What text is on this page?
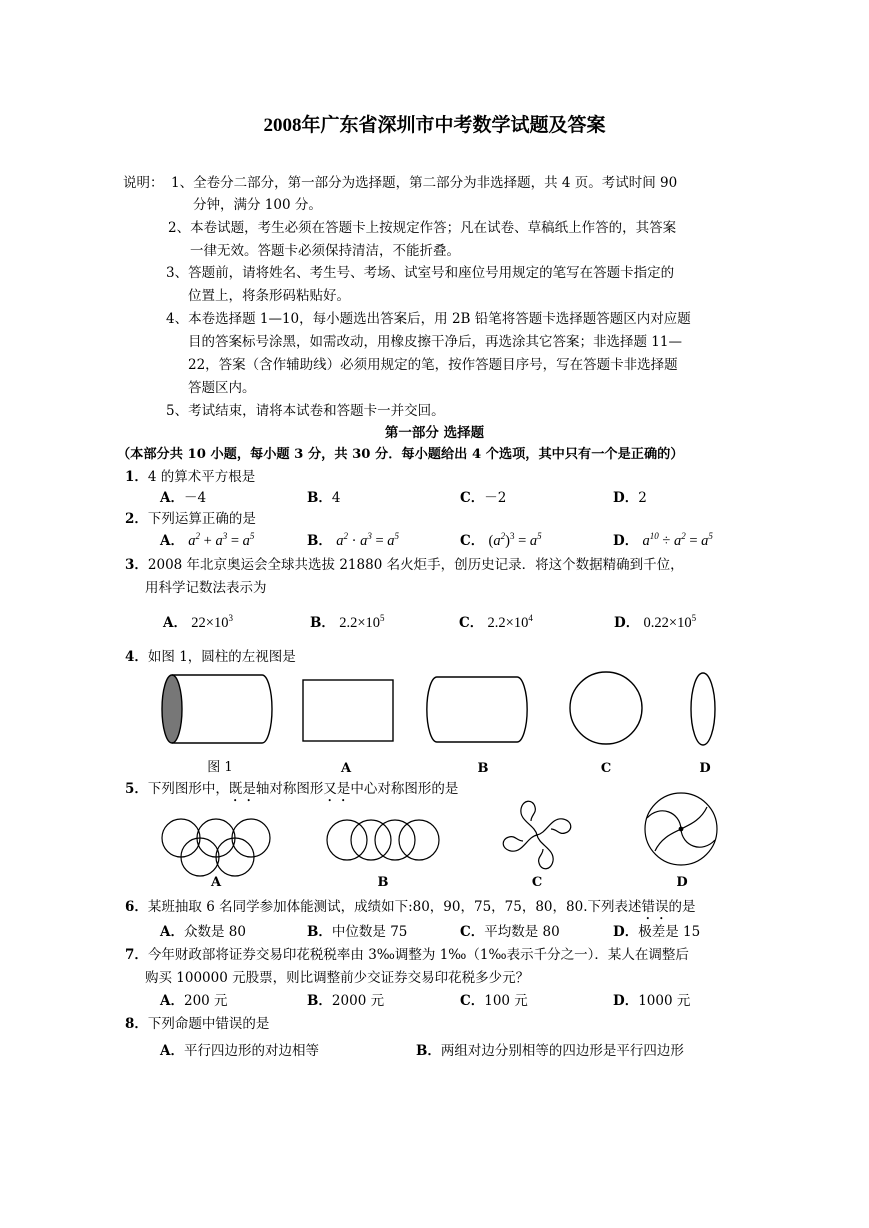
2008年广东省深圳市中考数学试题及答案
说明： 1、全卷分二部分，第一部分为选择题，第二部分为非选择题，共 4 页。考试时间 90
分钟，满分 100 分。
2、本卷试题，考生必须在答题卡上按规定作答；凡在试卷、草稿纸上作答的，其答案
一律无效。答题卡必须保持清洁，不能折叠。
3、答题前，请将姓名、考生号、考场、试室号和座位号用规定的笔写在答题卡指定的
位置上，将条形码粘贴好。
4、本卷选择题 1—10，每小题选出答案后，用 2B 铅笔将答题卡选择题答题区内对应题
目的答案标号涂黑，如需改动，用橡皮擦干净后，再选涂其它答案；非选择题 11—
22，答案（含作辅助线）必须用规定的笔，按作答题目序号，写在答题卡非选择题
答题区内。
5、考试结束，请将本试卷和答题卡一并交回。
第一部分 选择题
（本部分共 10 小题，每小题 3 分，共 30 分．每小题给出 4 个选项，其中只有一个是正确的）
1．4 的算术平方根是
A．－4	B．4	C．－2	D．2
2．下列运算正确的是
A． $a^2 + a^3 = a^5$	B． $a^2 \cdot a^3 = a^5$	C． $(a^2)^3 = a^5$	D． $a^{10} \div a^2 = a^5$
3．2008 年北京奥运会全球共选拔 21880 名火炬手，创历史记录．将这个数据精确到千位，
用科学记数法表示为
A． $22\times 10^3$	B． $2.2\times 10^5$	C． $2.2\times 10^4$	D． $0.22\times 10^5$
4．如图 1，圆柱的左视图是
图 1	A	B	C	D
5．下列图形中，既是轴对称图形又是中心对称图形的是
A	B	C	D
6．某班抽取 6 名同学参加体能测试，成绩如下:80，90，75，75，80，80.下列表述错误的是
A．众数是 80	B．中位数是 75	C．平均数是 80	D．极差是 15
7．今年财政部将证券交易印花税税率由 3‰调整为 1‰（1‰表示千分之一）．某人在调整后
购买 100000 元股票，则比调整前少交证券交易印花税多少元？
A．200 元	B．2000 元	C．100 元	D．1000 元
8．下列命题中错误的是
A．平行四边形的对边相等	B．两组对边分别相等的四边形是平行四边形
